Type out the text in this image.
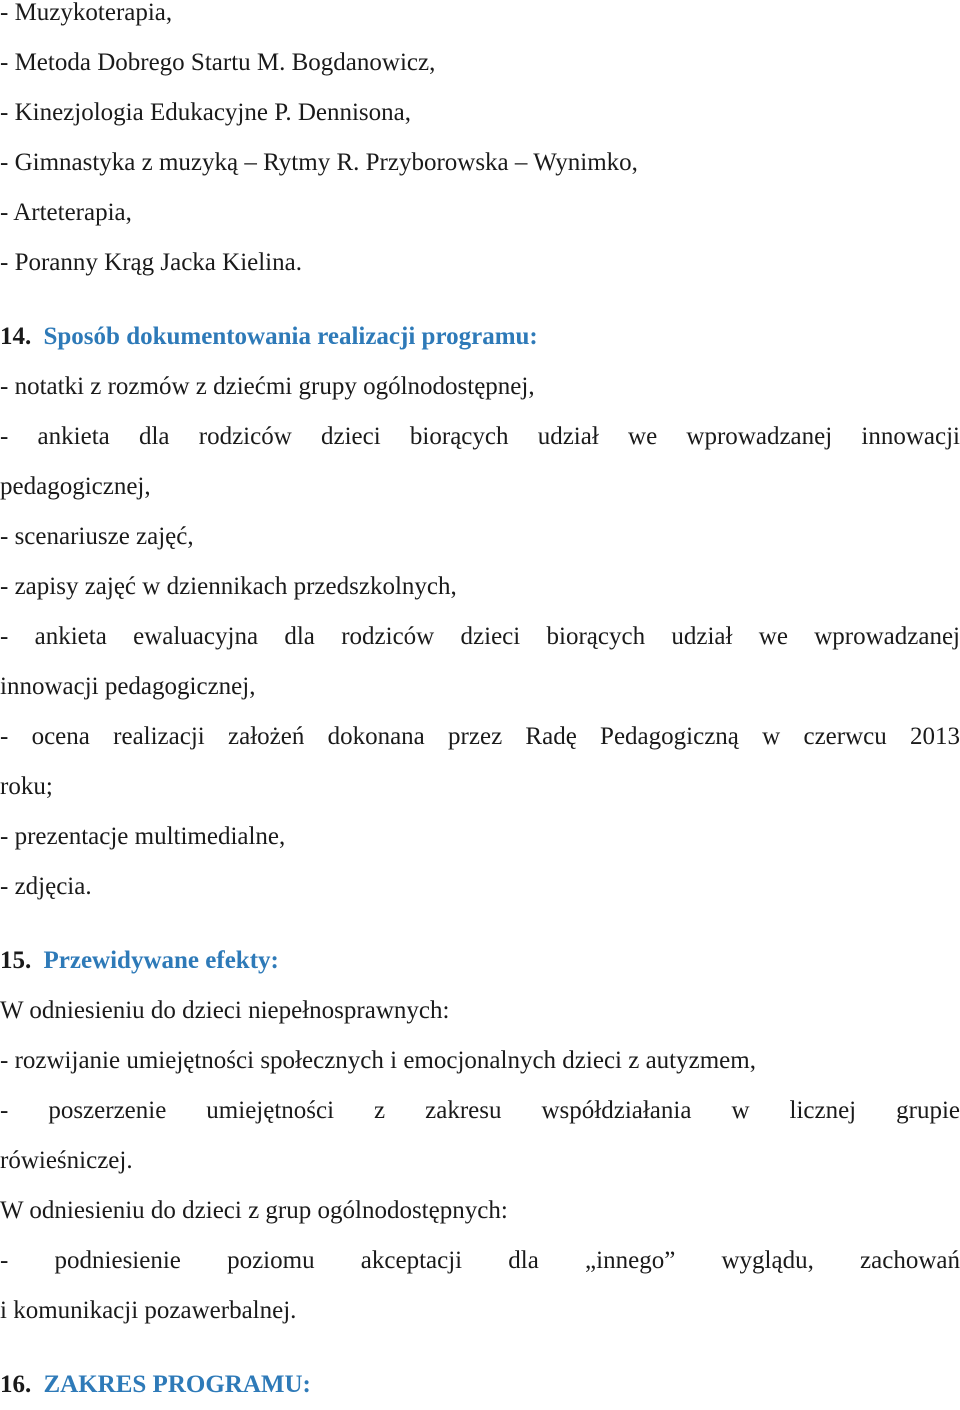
- Muzykoterapia,
- Metoda Dobrego Startu M. Bogdanowicz,
- Kinezjologia Edukacyjne P. Dennisona,
- Gimnastyka z muzyką – Rytmy R. Przyborowska – Wynimko,
- Arteterapia,
- Poranny Krąg Jacka Kielina.
14. Sposób dokumentowania realizacji programu:
- notatki z rozmów z dziećmi grupy ogólnodostępnej,
- ankieta dla rodziców dzieci biorących udział we wprowadzanej innowacji
pedagogicznej,
- scenariusze zajęć,
- zapisy zajęć w dziennikach przedszkolnych,
- ankieta ewaluacyjna dla rodziców dzieci biorących udział we wprowadzanej
innowacji pedagogicznej,
- ocena realizacji założeń dokonana przez Radę Pedagogiczną w czerwcu 2013
roku;
- prezentacje multimedialne,
- zdjęcia.
15. Przewidywane efekty:
W odniesieniu do dzieci niepełnosprawnych:
- rozwijanie umiejętności społecznych i emocjonalnych dzieci z autyzmem,
- poszerzenie umiejętności z zakresu współdziałania w licznej grupie
rówieśniczej.
W odniesieniu do dzieci z grup ogólnodostępnych:
- podniesienie poziomu akceptacji dla „innego” wyglądu, zachowań
i komunikacji pozawerbalnej.
16. ZAKRES PROGRAMU:
